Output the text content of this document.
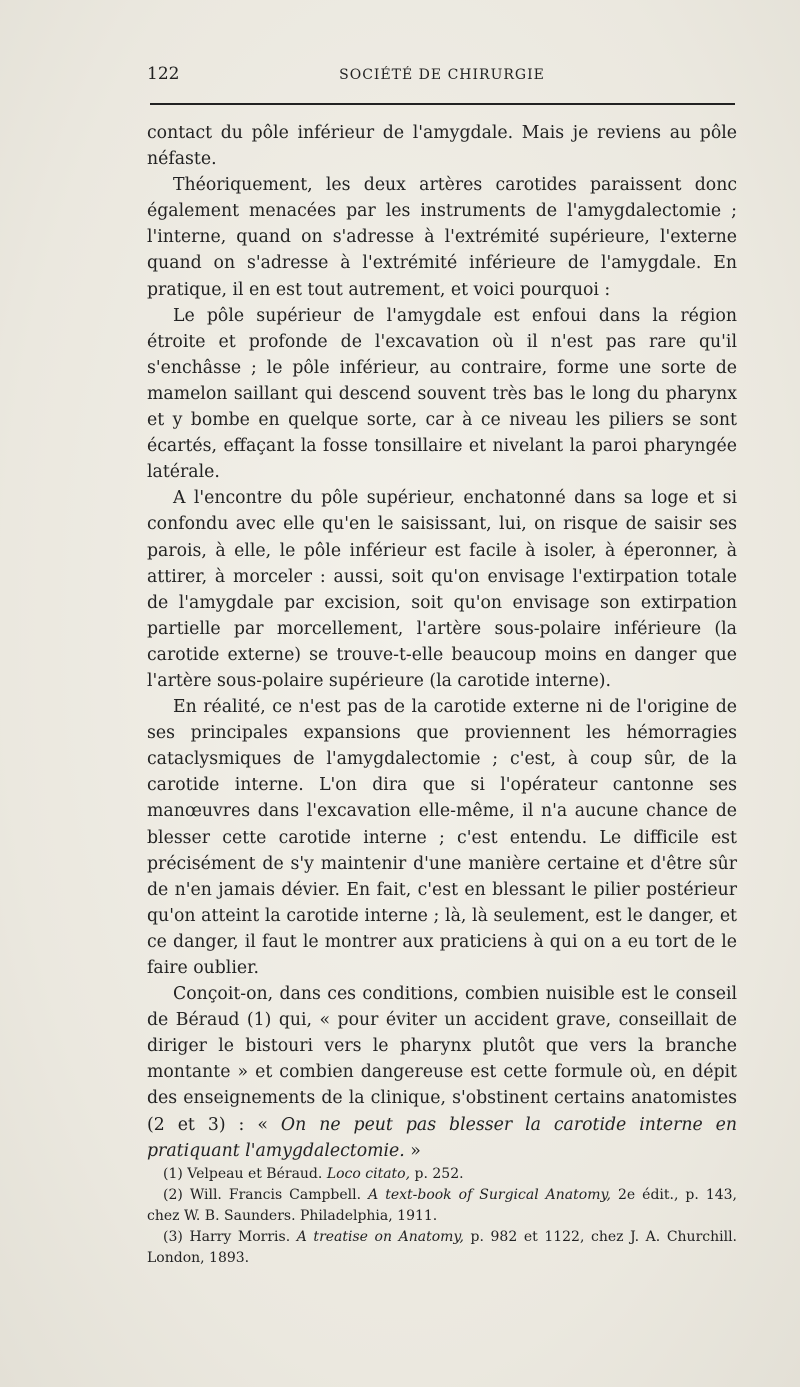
122	SOCIÉTÉ DE CHIRURGIE

contact du pôle inférieur de l'amygdale. Mais je reviens au pôle néfaste.

Théoriquement, les deux artères carotides paraissent donc également menacées par les instruments de l'amygdalectomie ; l'interne, quand on s'adresse à l'extrémité supérieure, l'externe quand on s'adresse à l'extrémité inférieure de l'amygdale. En pratique, il en est tout autrement, et voici pourquoi :

Le pôle supérieur de l'amygdale est enfoui dans la région étroite et profonde de l'excavation où il n'est pas rare qu'il s'enchâsse ; le pôle inférieur, au contraire, forme une sorte de mamelon saillant qui descend souvent très bas le long du pharynx et y bombe en quelque sorte, car à ce niveau les piliers se sont écartés, effaçant la fosse tonsillaire et nivelant la paroi pharyngée latérale.

A l'encontre du pôle supérieur, enchatonné dans sa loge et si confondu avec elle qu'en le saisissant, lui, on risque de saisir ses parois, à elle, le pôle inférieur est facile à isoler, à éperonner, à attirer, à morceler : aussi, soit qu'on envisage l'extirpation totale de l'amygdale par excision, soit qu'on envisage son extirpation partielle par morcellement, l'artère sous-polaire inférieure (la carotide externe) se trouve-t-elle beaucoup moins en danger que l'artère sous-polaire supérieure (la carotide interne).

En réalité, ce n'est pas de la carotide externe ni de l'origine de ses principales expansions que proviennent les hémorragies cataclysmiques de l'amygdalectomie ; c'est, à coup sûr, de la carotide interne. L'on dira que si l'opérateur cantonne ses manœuvres dans l'excavation elle-même, il n'a aucune chance de blesser cette carotide interne ; c'est entendu. Le difficile est précisément de s'y maintenir d'une manière certaine et d'être sûr de n'en jamais dévier. En fait, c'est en blessant le pilier postérieur qu'on atteint la carotide interne ; là, là seulement, est le danger, et ce danger, il faut le montrer aux praticiens à qui on a eu tort de le faire oublier.

Conçoit-on, dans ces conditions, combien nuisible est le conseil de Béraud (1) qui, « pour éviter un accident grave, conseillait de diriger le bistouri vers le pharynx plutôt que vers la branche montante » et combien dangereuse est cette formule où, en dépit des enseignements de la clinique, s'obstinent certains anatomistes (2 et 3) : « On ne peut pas blesser la carotide interne en pratiquant l'amygdalectomie. »

(1) Velpeau et Béraud. Loco citato, p. 252.

(2) Will. Francis Campbell. A text-book of Surgical Anatomy, 2e édit., p. 143, chez W. B. Saunders. Philadelphia, 1911.

(3) Harry Morris. A treatise on Anatomy, p. 982 et 1122, chez J. A. Churchill. London, 1893.
